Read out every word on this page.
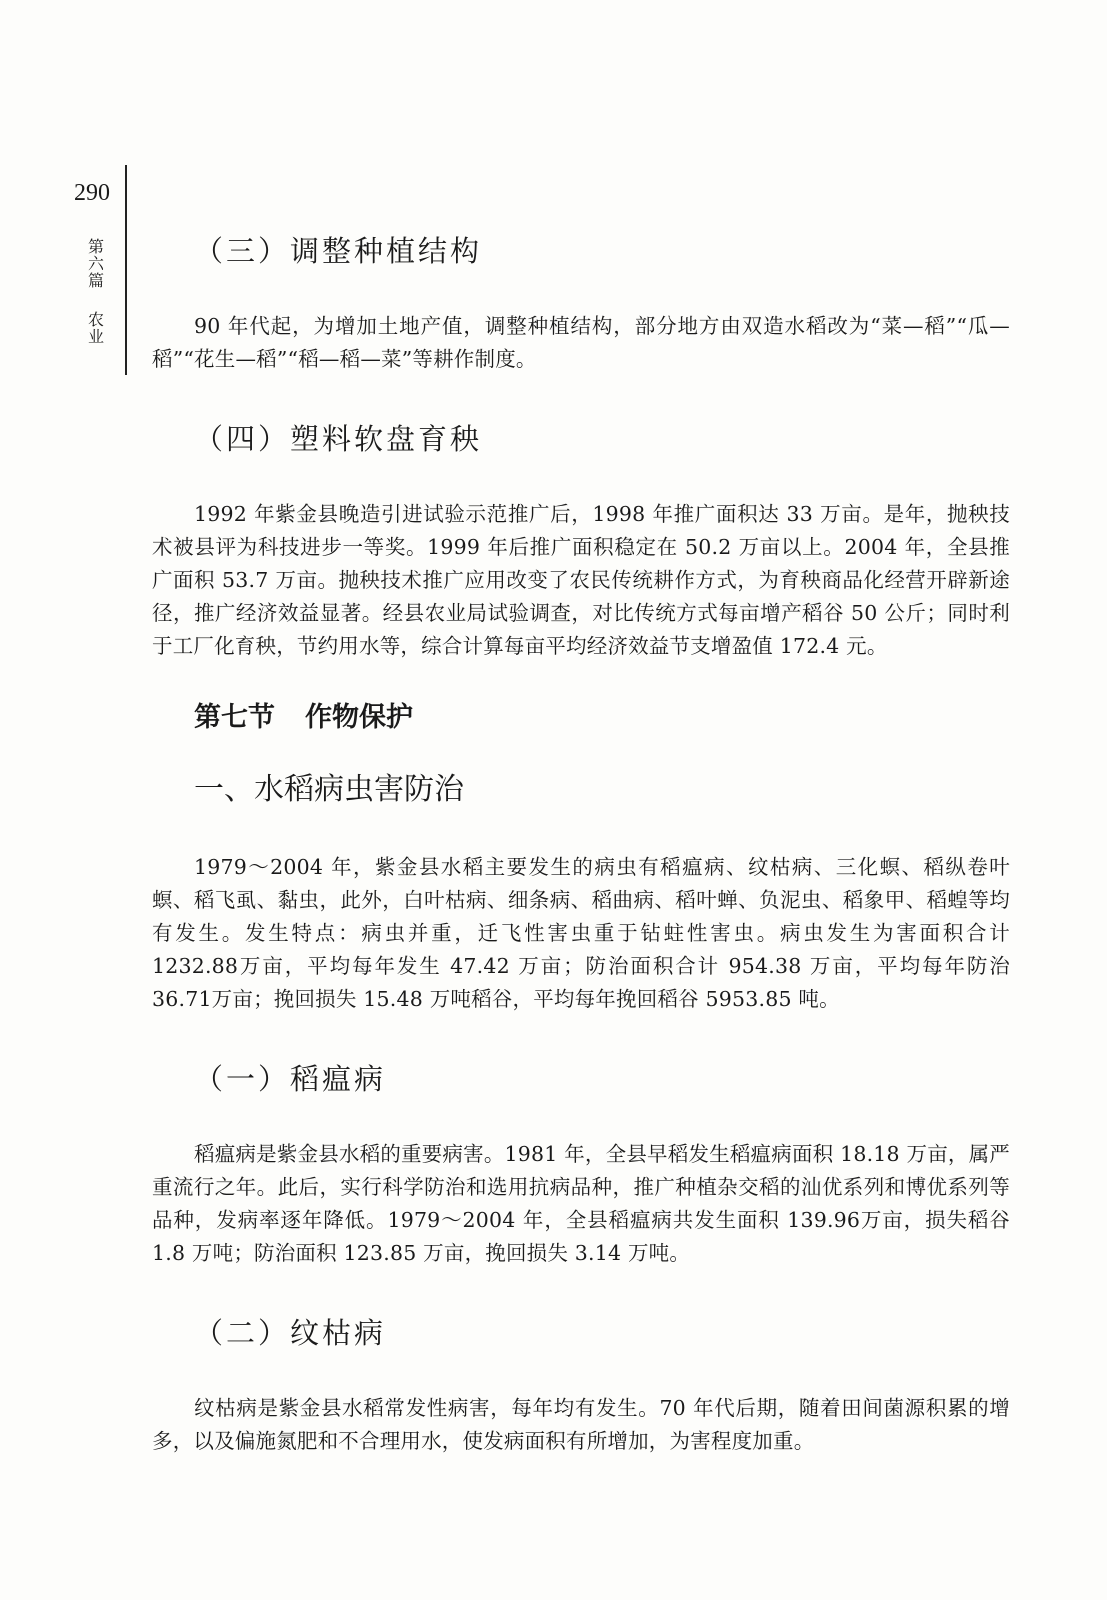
290
第六篇
农业
（三）调整种植结构

90 年代起，为增加土地产值，调整种植结构，部分地方由双造水稻改为“菜—稻”“瓜—稻”“花生—稻”“稻—稻—菜”等耕作制度。

（四）塑料软盘育秧

1992 年紫金县晚造引进试验示范推广后，1998 年推广面积达 33 万亩。是年，抛秧技术被县评为科技进步一等奖。1999 年后推广面积稳定在 50.2 万亩以上。2004 年，全县推广面积 53.7 万亩。抛秧技术推广应用改变了农民传统耕作方式，为育秧商品化经营开辟新途径，推广经济效益显著。经县农业局试验调查，对比传统方式每亩增产稻谷 50 公斤；同时利于工厂化育秧，节约用水等，综合计算每亩平均经济效益节支增盈值 172.4 元。

第七节 作物保护
一、水稻病虫害防治

1979～2004 年，紫金县水稻主要发生的病虫有稻瘟病、纹枯病、三化螟、稻纵卷叶螟、稻飞虱、黏虫，此外，白叶枯病、细条病、稻曲病、稻叶蝉、负泥虫、稻象甲、稻蝗等均有发生。发生特点：病虫并重，迁飞性害虫重于钻蛀性害虫。病虫发生为害面积合计 1232.88万亩，平均每年发生 47.42 万亩；防治面积合计 954.38 万亩，平均每年防治 36.71万亩；挽回损失 15.48 万吨稻谷，平均每年挽回稻谷 5953.85 吨。

（一）稻瘟病

稻瘟病是紫金县水稻的重要病害。1981 年，全县早稻发生稻瘟病面积 18.18 万亩，属严重流行之年。此后，实行科学防治和选用抗病品种，推广种植杂交稻的汕优系列和博优系列等品种，发病率逐年降低。1979～2004 年，全县稻瘟病共发生面积 139.96万亩，损失稻谷 1.8 万吨；防治面积 123.85 万亩，挽回损失 3.14 万吨。

（二）纹枯病

纹枯病是紫金县水稻常发性病害，每年均有发生。70 年代后期，随着田间菌源积累的增多，以及偏施氮肥和不合理用水，使发病面积有所增加，为害程度加重。
